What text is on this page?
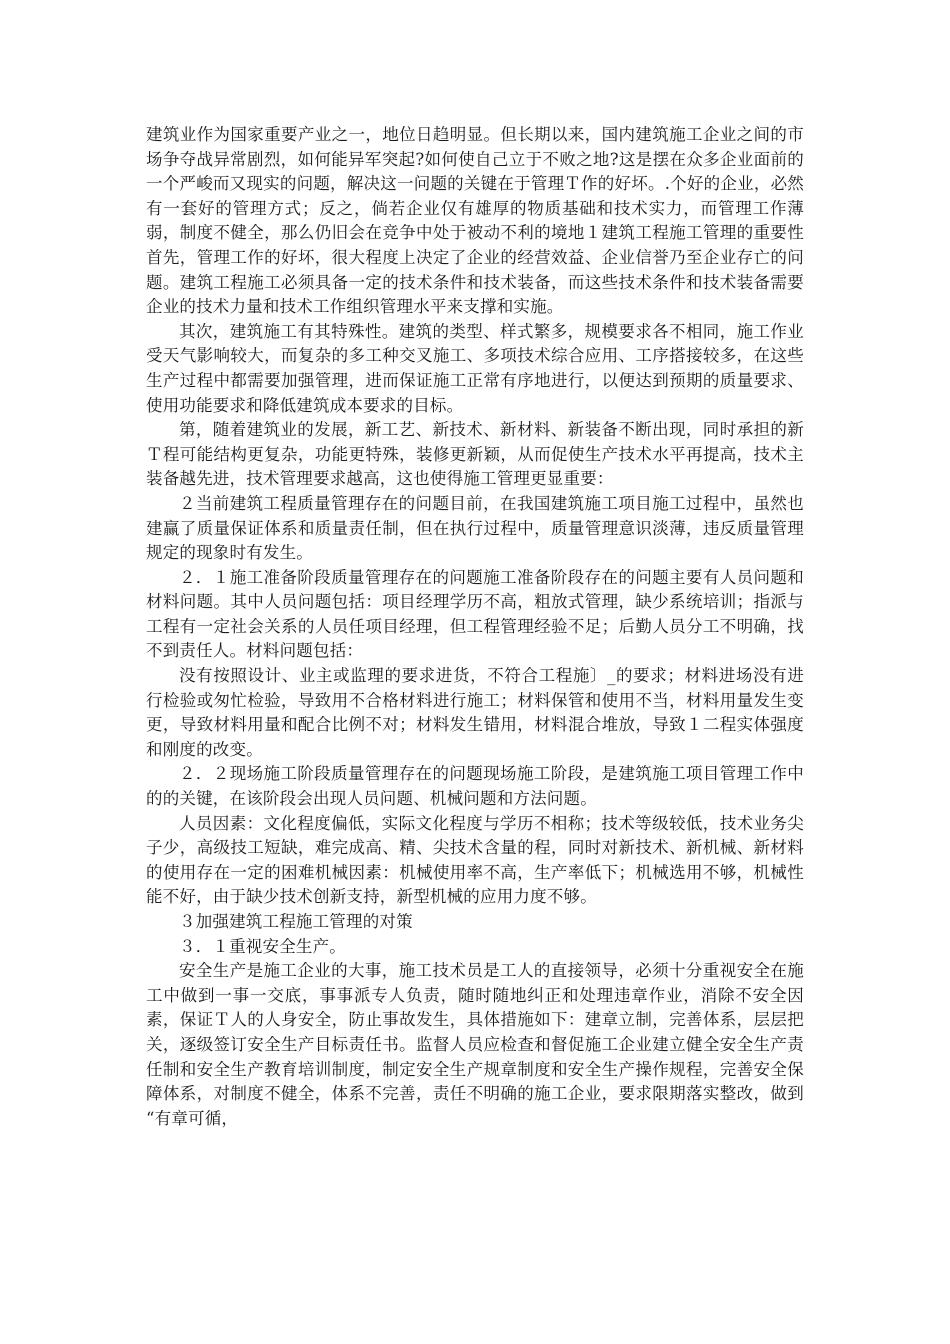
建筑业作为国家重要产业之一，地位日趋明显。但长期以来，国内建筑施工企业之间的市场争夺战异常剧烈，如何能异军突起?如何使自己立于不败之地?这是摆在众多企业面前的一个严峻而又现实的问题，解决这一问题的关键在于管理Ｔ作的好坏。.个好的企业，必然有一套好的管理方式；反之，倘若企业仅有雄厚的物质基础和技术实力，而管理工作薄弱，制度不健全，那么仍旧会在竞争中处于被动不利的境地１建筑工程施工管理的重要性首先，管理工作的好坏，很大程度上决定了企业的经营效益、企业信誉乃至企业存亡的问题。建筑工程施工必须具备一定的技术条件和技术装备，而这些技术条件和技术装备需要企业的技术力量和技术工作组织管理水平来支撑和实施。

其次，建筑施工有其特殊性。建筑的类型、样式繁多，规模要求各不相同，施工作业受天气影响较大，而复杂的多工种交叉施工、多项技术综合应用、工序搭接较多，在这些生产过程中都需要加强管理，进而保证施工正常有序地进行，以便达到预期的质量要求、使用功能要求和降低建筑成本要求的目标。

第，随着建筑业的发展，新工艺、新技术、新材料、新装备不断出现，同时承担的新Ｔ程可能结构更复杂，功能更特殊，装修更新颖，从而促使生产技术水平再提高，技术主装备越先进，技术管理要求越高，这也使得施工管理更显重要：

２当前建筑工程质量管理存在的问题目前，在我国建筑施工项目施工过程中，虽然也建赢了质量保证体系和质量责任制，但在执行过程中，质量管理意识淡薄，违反质量管理规定的现象时有发生。

２．１施工准备阶段质量管理存在的问题施工准备阶段存在的问题主要有人员问题和材料问题。其中人员问题包括：项目经理学历不高，粗放式管理，缺少系统培训；指派与工程有一定社会关系的人员任项目经理，但工程管理经验不足；后勤人员分工不明确，找不到责任人。材料问题包括：

没有按照设计、业主或监理的要求进货，不符合工程施〕_的要求；材料进场没有进行检验或匆忙检验，导致用不合格材料进行施工；材料保管和使用不当，材料用量发生变更，导致材料用量和配合比例不对；材料发生错用，材料混合堆放，导致１二程实体强度和刚度的改变。

２．２现场施工阶段质量管理存在的问题现场施工阶段，是建筑施工项目管理工作中的的关键，在该阶段会出现人员问题、机械问题和方法问题。

人员因素：文化程度偏低，实际文化程度与学历不相称；技术等级较低，技术业务尖子少，高级技工短缺，难完成高、精、尖技术含量的程，同时对新技术、新机械、新材料的使用存在一定的困难机械因素：机械使用率不高，生产率低下；机械选用不够，机械性能不好，由于缺少技术创新支持，新型机械的应用力度不够。

３加强建筑工程施工管理的对策

３．１重视安全生产。

安全生产是施工企业的大事，施工技术员是工人的直接领导，必须十分重视安全在施工中做到一事一交底，事事派专人负责，随时随地纠正和处理违章作业，消除不安全因素，保证Ｔ人的人身安全，防止事故发生，具体措施如下：建章立制，完善体系，层层把关，逐级签订安全生产目标责任书。监督人员应检查和督促施工企业建立健全安全生产责任制和安全生产教育培训制度，制定安全生产规章制度和安全生产操作规程，完善安全保障体系，对制度不健全，体系不完善，责任不明确的施工企业，要求限期落实整改，做到 “有章可循，
